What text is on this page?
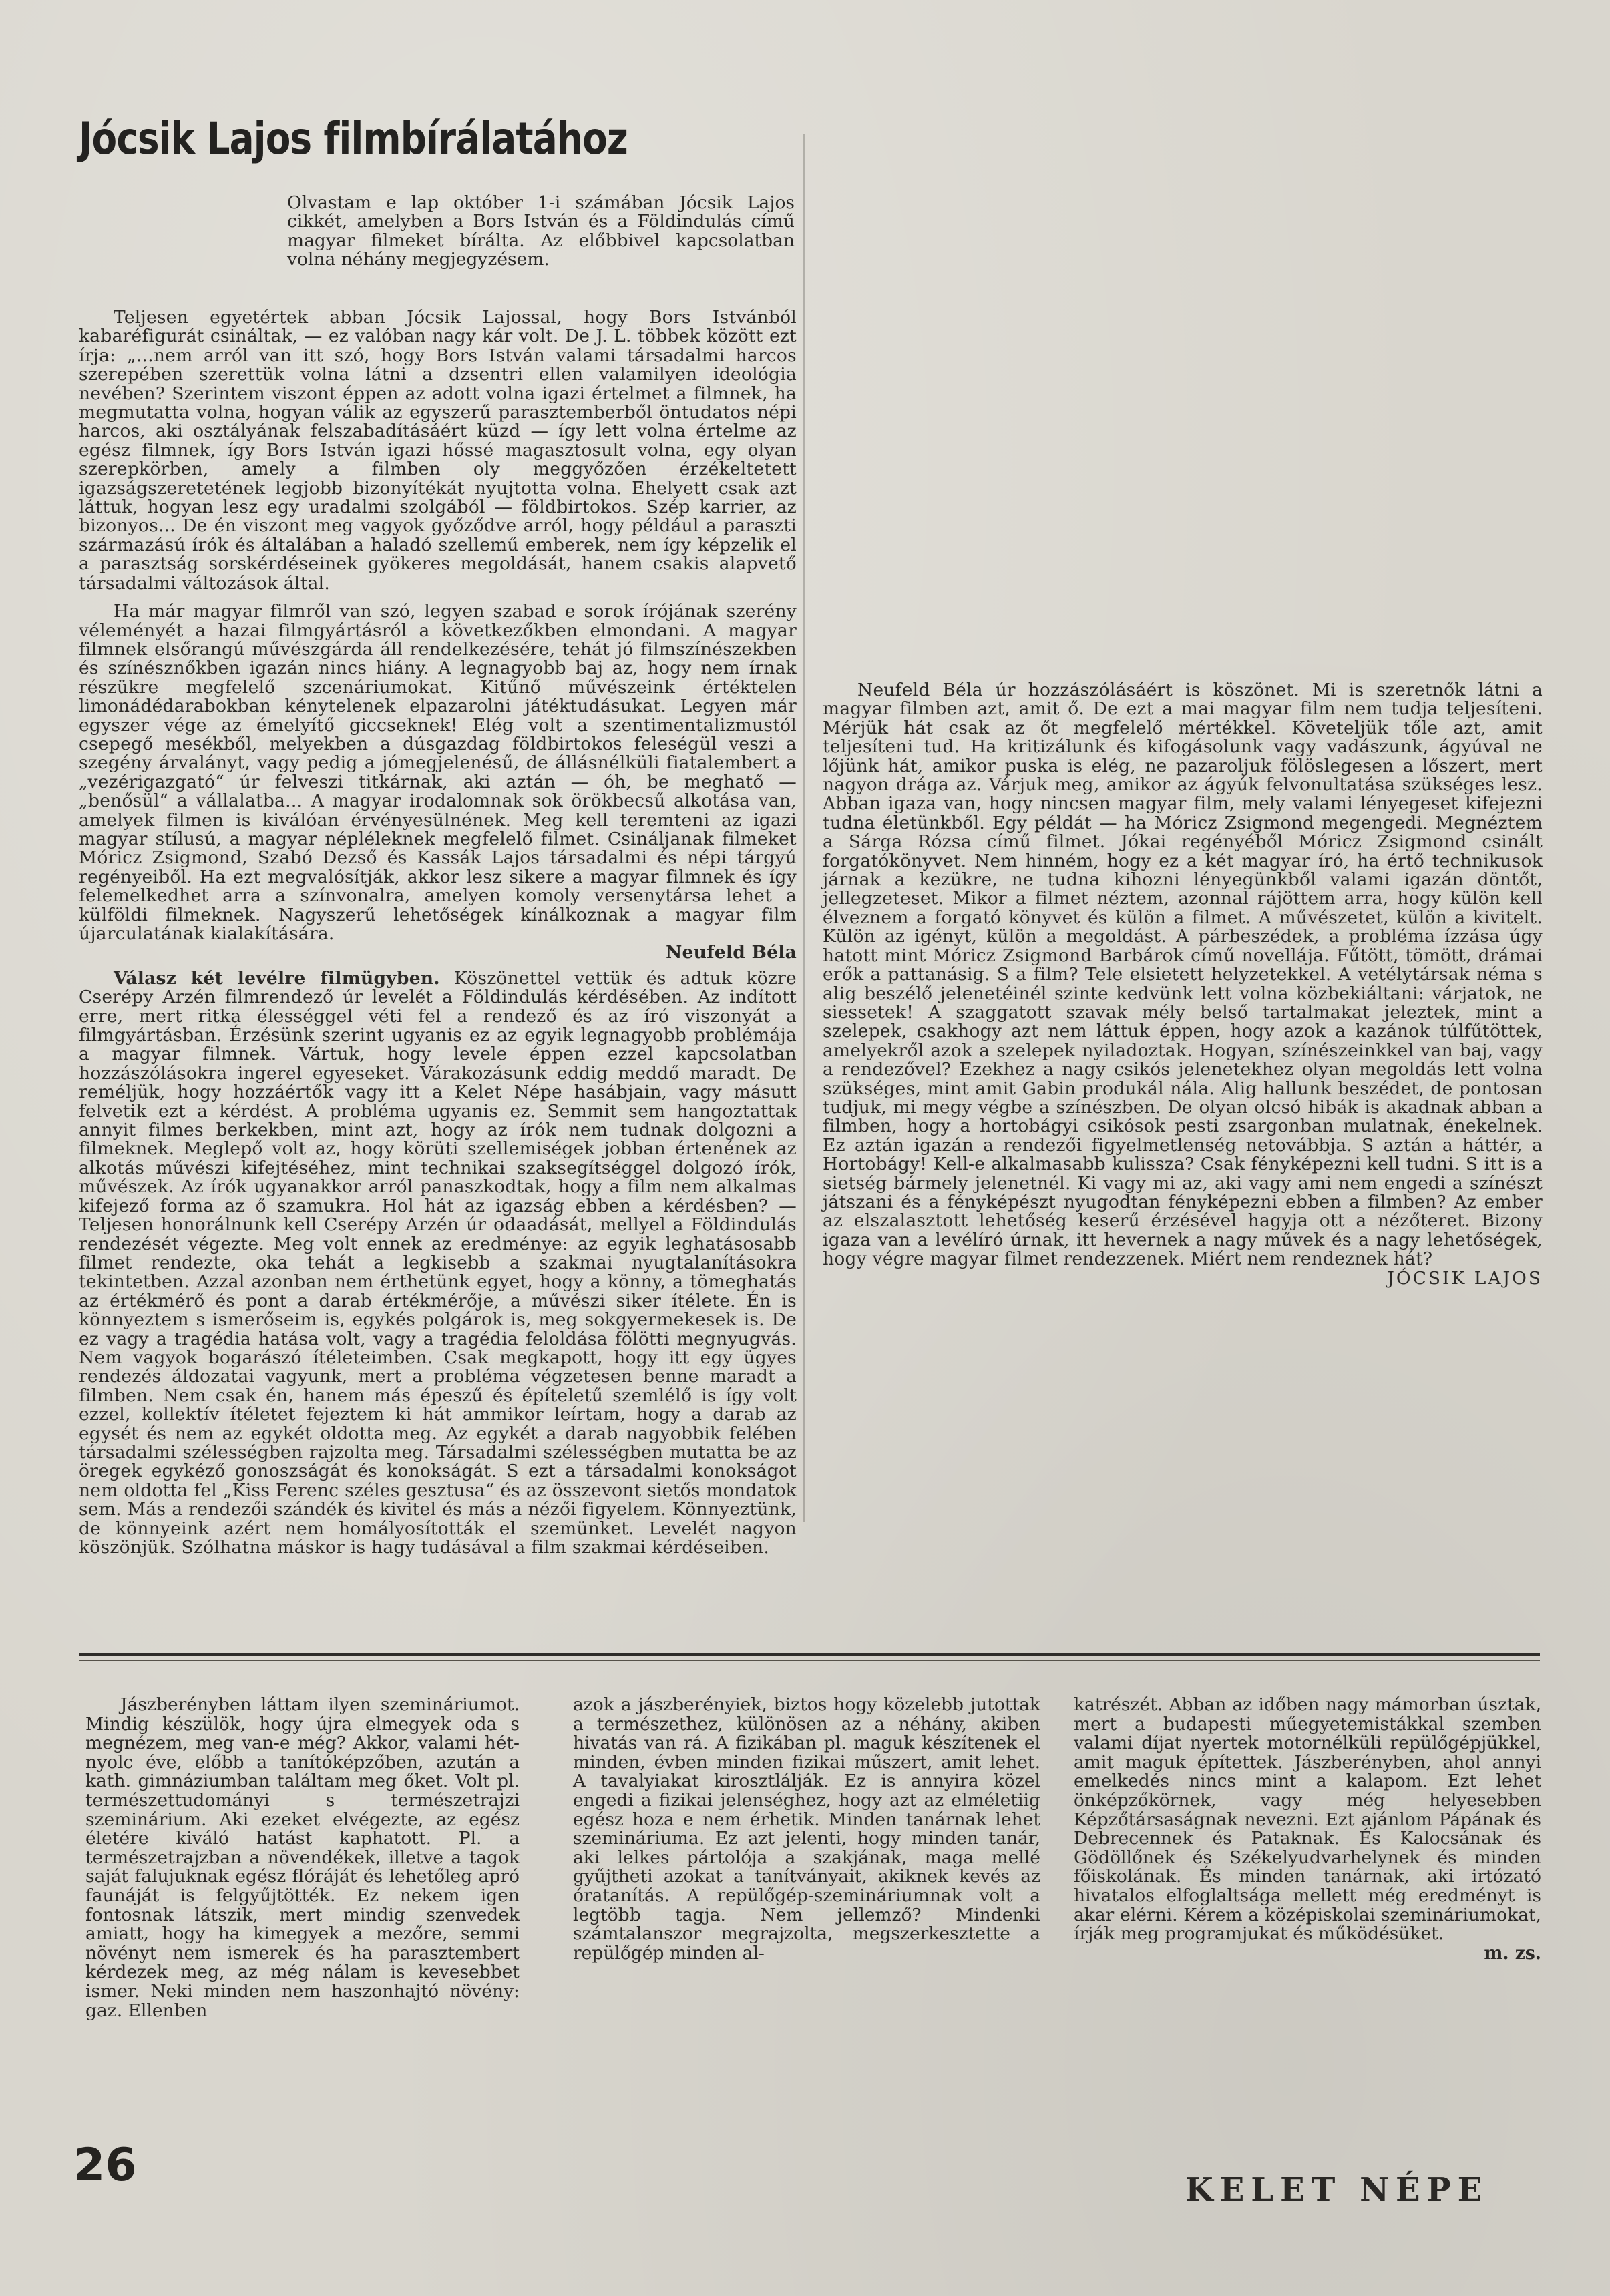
Jócsik Lajos filmbírálatához
Olvastam e lap október 1-i számában Jócsik Lajos cikkét, amelyben a Bors István és a Földindulás című magyar filmeket bírálta. Az előbbivel kapcsolatban volna néhány megjegyzésem.

Teljesen egyetértek abban Jócsik Lajossal, hogy Bors Istvánból kabaréfigurát csináltak, — ez valóban nagy kár volt. De J. L. többek között ezt írja: „...nem arról van itt szó, hogy Bors István valami társadalmi harcos szerepében szerettük volna látni a dzsentri ellen valamilyen ideológia nevében? Szerintem viszont éppen az adott volna igazi értelmet a filmnek, ha megmutatta volna, hogyan válik az egyszerű parasztemberből öntudatos népi harcos, aki osztályának felszabadításáért küzd — így lett volna értelme az egész filmnek, így Bors István igazi hőssé magasztosult volna, egy olyan szerepkörben, amely a filmben oly meggyőzően érzékeltetett igazságszeretetének legjobb bizonyítékát nyujtotta volna. Ehelyett csak azt láttuk, hogyan lesz egy uradalmi szolgából — földbirtokos. Szép karrier, az bizonyos... De én viszont meg vagyok győződve arról, hogy például a paraszti származású írók és általában a haladó szellemű emberek, nem így képzelik el a parasztság sorskérdéseinek gyökeres megoldását, hanem csakis alapvető társadalmi változások által.

Ha már magyar filmről van szó, legyen szabad e sorok írójának szerény véleményét a hazai filmgyártásról a következőkben elmondani. A magyar filmnek elsőrangú művészgárda áll rendelkezésére, tehát jó filmszínészekben és színésznőkben igazán nincs hiány. A legnagyobb baj az, hogy nem írnak részükre megfelelő szcenáriumokat. Kitűnő művészeink értéktelen limonádédarabokban kénytelenek elpazarolni játéktudásukat. Legyen már egyszer vége az émelyítő giccseknek! Elég volt a szentimentalizmustól csepegő mesékből, melyekben a dúsgazdag földbirtokos feleségül veszi a szegény árvalányt, vagy pedig a jómegjelenésű, de állásnélküli fiatalembert a „vezérigazgató“ úr felveszi titkárnak, aki aztán — óh, be meghatő — „benősül“ a vállalatba... A magyar irodalomnak sok örökbecsű alkotása van, amelyek filmen is kiválóan érvényesülnének. Meg kell teremteni az igazi magyar stílusú, a magyar népléleknek megfelelő filmet. Csináljanak filmeket Móricz Zsigmond, Szabó Dezső és Kassák Lajos társadalmi és népi tárgyú regényeiből. Ha ezt megvalósítják, akkor lesz sikere a magyar filmnek és így felemelkedhet arra a színvonalra, amelyen komoly versenytársa lehet a külföldi filmeknek. Nagyszerű lehetőségek kínálkoznak a magyar film újarculatának kialakítására.

Neufeld Béla

Válasz két levélre filmügyben. Köszönettel vettük és adtuk közre Cserépy Arzén filmrendező úr levelét a Földindulás kérdésében. Az indított erre, mert ritka élességgel véti fel a rendező és az író viszonyát a filmgyártásban. Érzésünk szerint ugyanis ez az egyik legnagyobb problémája a magyar filmnek. Vártuk, hogy levele éppen ezzel kapcsolatban hozzászólásokra ingerel egyeseket. Várakozásunk eddig meddő maradt. De reméljük, hogy hozzáértők vagy itt a Kelet Népe hasábjain, vagy másutt felvetik ezt a kérdést. A probléma ugyanis ez. Semmit sem hangoztattak annyit filmes berkekben, mint azt, hogy az írók nem tudnak dolgozni a filmeknek. Meglepő volt az, hogy körüti szellemiségek jobban értenének az alkotás művészi kifejtéséhez, mint technikai szaksegítséggel dolgozó írók, művészek. Az írók ugyanakkor arról panaszkodtak, hogy a film nem alkalmas kifejező forma az ő szamukra. Hol hát az igazság ebben a kérdésben? — Teljesen honorálnunk kell Cserépy Arzén úr odaadását, mellyel a Földindulás rendezését végezte. Meg volt ennek az eredménye: az egyik leghatásosabb filmet rendezte, oka tehát a legkisebb a szakmai nyugtalanításokra tekintetben. Azzal azonban nem érthetünk egyet, hogy a könny, a tömeghatás az értékmérő és pont a darab értékmérője, a művészi siker ítélete. Én is könnyeztem s ismerőseim is, egykés polgárok is, meg sokgyermekesek is. De ez vagy a tragédia hatása volt, vagy a tragédia feloldása fölötti megnyugvás. Nem vagyok bogarászó ítéleteimben. Csak megkapott, hogy itt egy ügyes rendezés áldozatai vagyunk, mert a probléma végzetesen benne maradt a filmben. Nem csak én, hanem más épeszű és építeletű szemlélő is így volt ezzel, kollektív ítéletet fejeztem ki hát ammikor leírtam, hogy a darab az egysét és nem az egykét oldotta meg. Az egykét a darab nagyobbik felében társadalmi szélességben rajzolta meg. Társadalmi szélességben mutatta be az öregek egykéző gonoszságát és konokságát. S ezt a társadalmi konokságot nem oldotta fel „Kiss Ferenc széles gesztusa“ és az összevont sietős mondatok sem. Más a rendezői szándék és kivitel és más a nézői figyelem. Könnyeztünk, de könnyeink azért nem homályosították el szemünket. Levelét nagyon köszönjük. Szólhatna máskor is hagy tudásával a film szakmai kérdéseiben.

Neufeld Béla úr hozzászólásáért is köszönet. Mi is szeretnők látni a magyar filmben azt, amit ő. De ezt a mai magyar film nem tudja teljesíteni. Mérjük hát csak az őt megfelelő mértékkel. Követeljük tőle azt, amit teljesíteni tud. Ha kritizálunk és kifogásolunk vagy vadászunk, ágyúval ne lőjünk hát, amikor puska is elég, ne pazaroljuk fölöslegesen a lőszert, mert nagyon drága az. Várjuk meg, amikor az ágyúk felvonultatása szükséges lesz. Abban igaza van, hogy nincsen magyar film, mely valami lényegeset kifejezni tudna életünkből. Egy példát — ha Móricz Zsigmond megengedi. Megnéztem a Sárga Rózsa című filmet. Jókai regényéből Móricz Zsigmond csinált forgatókönyvet. Nem hinném, hogy ez a két magyar író, ha értő technikusok járnak a kezükre, ne tudna kihozni lényegünkből valami igazán döntőt, jellegzeteset. Mikor a filmet néztem, azonnal rájöttem arra, hogy külön kell élveznem a forgató könyvet és külön a filmet. A művészetet, külön a kivitelt. Külön az igényt, külön a megoldást. A párbeszédek, a probléma ízzása úgy hatott mint Móricz Zsigmond Barbárok című novellája. Fűtött, tömött, drámai erők a pattanásig. S a film? Tele elsietett helyzetekkel. A vetélytársak néma s alig beszélő jelenetéinél szinte kedvünk lett volna közbekiáltani: várjatok, ne siessetek! A szaggatott szavak mély belső tartalmakat jeleztek, mint a szelepek, csakhogy azt nem láttuk éppen, hogy azok a kazánok túlfűtöttek, amelyekről azok a szelepek nyiladoztak. Hogyan, színészeinkkel van baj, vagy a rendezővel? Ezekhez a nagy csikós jelenetekhez olyan megoldás lett volna szükséges, mint amit Gabin produkál nála. Alig hallunk beszédet, de pontosan tudjuk, mi megy végbe a színészben. De olyan olcsó hibák is akadnak abban a filmben, hogy a hortobágyi csikósok pesti zsargonban mulatnak, énekelnek. Ez aztán igazán a rendezői figyelmetlenség netovábbja. S aztán a háttér, a Hortobágy! Kell-e alkalmasabb kulissza? Csak fényképezni kell tudni. S itt is a sietség bármely jelenetnél. Ki vagy mi az, aki vagy ami nem engedi a színészt játszani és a fényképészt nyugodtan fényképezni ebben a filmben? Az ember az elszalasztott lehetőség keserű érzésével hagyja ott a nézőteret. Bizony igaza van a levélíró úrnak, itt hevernek a nagy művek és a nagy lehetőségek, hogy végre magyar filmet rendezzenek. Miért nem rendeznek hát?

JÓCSIK LAJOS

Jászberényben láttam ilyen szemináriumot. Mindig készülök, hogy újra elmegyek oda s megnézem, meg van-e még? Akkor, valami hét-nyolc éve, előbb a tanítóképzőben, azután a kath. gimnáziumban találtam meg őket. Volt pl. természettudományi s természetrajzi szeminárium. Aki ezeket elvégezte, az egész életére kiváló hatást kaphatott. Pl. a természetrajzban a növendékek, illetve a tagok saját falujuknak egész flóráját és lehetőleg apró faunáját is felgyűjtötték. Ez nekem igen fontosnak látszik, mert mindig szenvedek amiatt, hogy ha kimegyek a mezőre, semmi növényt nem ismerek és ha parasztembert kérdezek meg, az még nálam is kevesebbet ismer. Neki minden nem haszonhajtó növény: gaz. Ellenben

azok a jászberényiek, biztos hogy közelebb jutottak a természethez, különösen az a néhány, akiben hivatás van rá. A fizikában pl. maguk készítenek el minden, évben minden fizikai műszert, amit lehet. A tavalyiakat kirosztlálják. Ez is annyira közel engedi a fizikai jelenséghez, hogy azt az elméletiig egész hoza e nem érhetik. Minden tanárnak lehet szemináriuma. Ez azt jelenti, hogy minden tanár, aki lelkes pártolója a szakjának, maga mellé gyűjtheti azokat a tanítványait, akiknek kevés az óratanítás. A repülőgép-szemináriumnak volt a legtöbb tagja. Nem jellemző? Mindenki számtalanszor megrajzolta, megszerkesztette a repülőgép minden al-

katrészét. Abban az időben nagy mámorban úsztak, mert a budapesti műegyetemistákkal szemben valami díjat nyertek motornélküli repülőgépjükkel, amit maguk építettek. Jászberényben, ahol annyi emelkedés nincs mint a kalapom. Ezt lehet önképzőkörnek, vagy még helyesebben Képzőtársaságnak nevezni. Ezt ajánlom Pápának és Debrecennek és Pataknak. És Kalocsának és Gödöllőnek és Székelyudvarhelynek és minden főiskolának. És minden tanárnak, aki irtózató hivatalos elfoglaltsága mellett még eredményt is akar elérni. Kérem a középiskolai szemináriumokat, írják meg programjukat és működésüket.

m. zs.

26	KELET NÉPE
